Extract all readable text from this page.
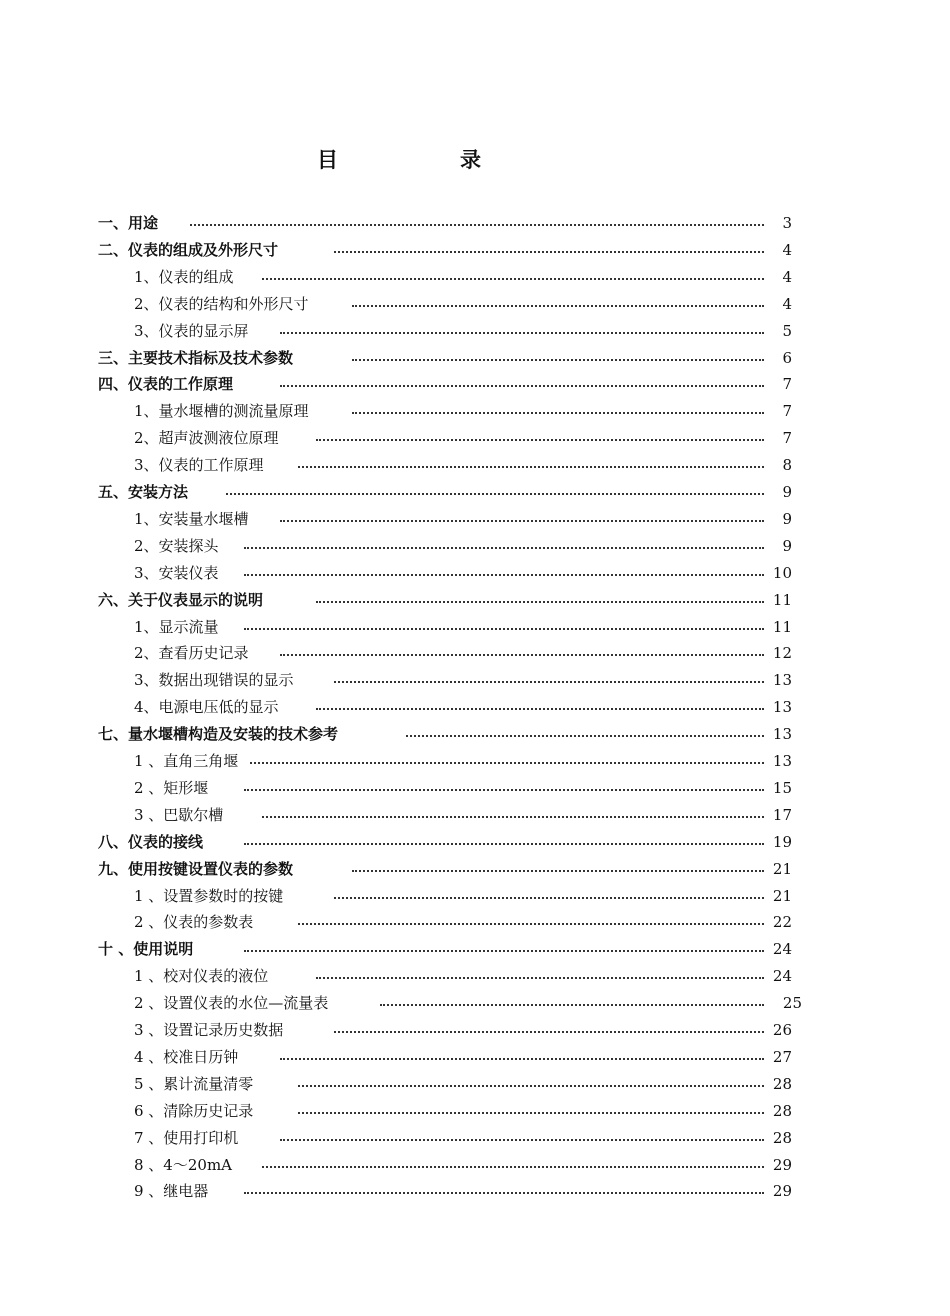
目	录
一、用途	3
二、仪表的组成及外形尺寸	4
1、仪表的组成	4
2、仪表的结构和外形尺寸	4
3、仪表的显示屏	5
三、主要技术指标及技术参数	6
四、仪表的工作原理	7
1、量水堰槽的测流量原理	7
2、超声波测液位原理	7
3、仪表的工作原理	8
五、安装方法	9
1、安装量水堰槽	9
2、安装探头	9
3、安装仪表	10
六、关于仪表显示的说明	11
1、显示流量	11
2、查看历史记录	12
3、数据出现错误的显示	13
4、电源电压低的显示	13
七、量水堰槽构造及安装的技术参考	13
1 、直角三角堰	13
2 、矩形堰	15
3 、巴歇尔槽	17
八、仪表的接线	19
九、使用按键设置仪表的参数	21
1 、设置参数时的按键	21
2 、仪表的参数表	22
十 、使用说明	24
1 、校对仪表的液位	24
2 、设置仪表的水位—流量表	25
3 、设置记录历史数据	26
4 、校准日历钟	27
5 、累计流量清零	28
6 、清除历史记录	28
7 、使用打印机	28
8 、4～20mA	29
9 、继电器	29
